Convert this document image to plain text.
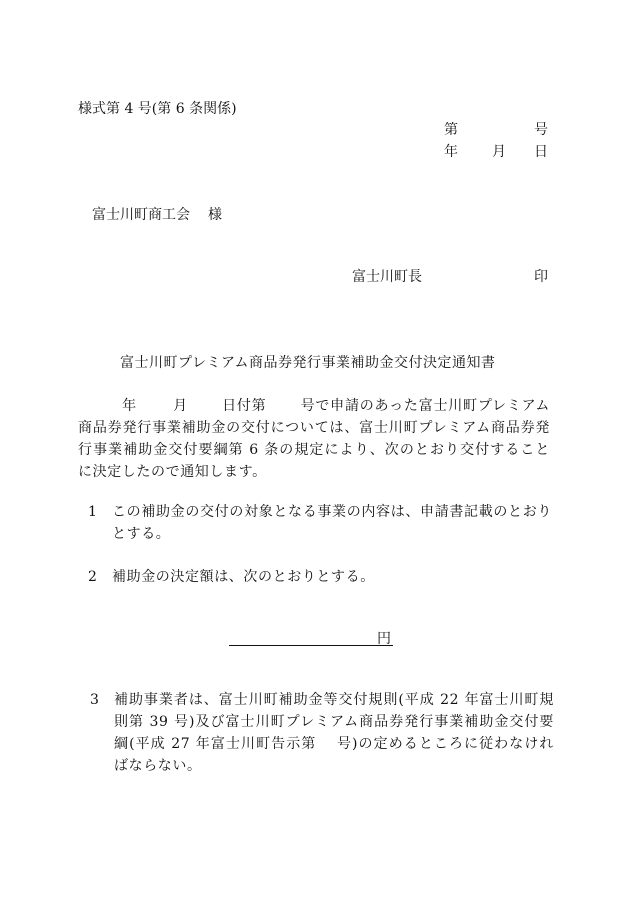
様式第 4 号(第 6 条関係)
第	号
年 月 日
富士川町商工会 様
富士川町長	印
富士川町プレミアム商品券発行事業補助金交付決定通知書
年	月 日付第 号で申請のあった富士川町プレミアム商品券発行事業補助金の交付については、富士川町プレミアム商品券発行事業補助金交付要綱第 6 条の規定により、次のとおり交付することに決定したので通知します。
1 この補助金の交付の対象となる事業の内容は、申請書記載のとおりとする。
2 補助金の決定額は、次のとおりとする。
円
3 補助事業者は、富士川町補助金等交付規則(平成 22 年富士川町規則第 39 号)及び富士川町プレミアム商品券発行事業補助金交付要綱(平成 27 年富士川町告示第　 号)の定めるところに従わなければならない。
